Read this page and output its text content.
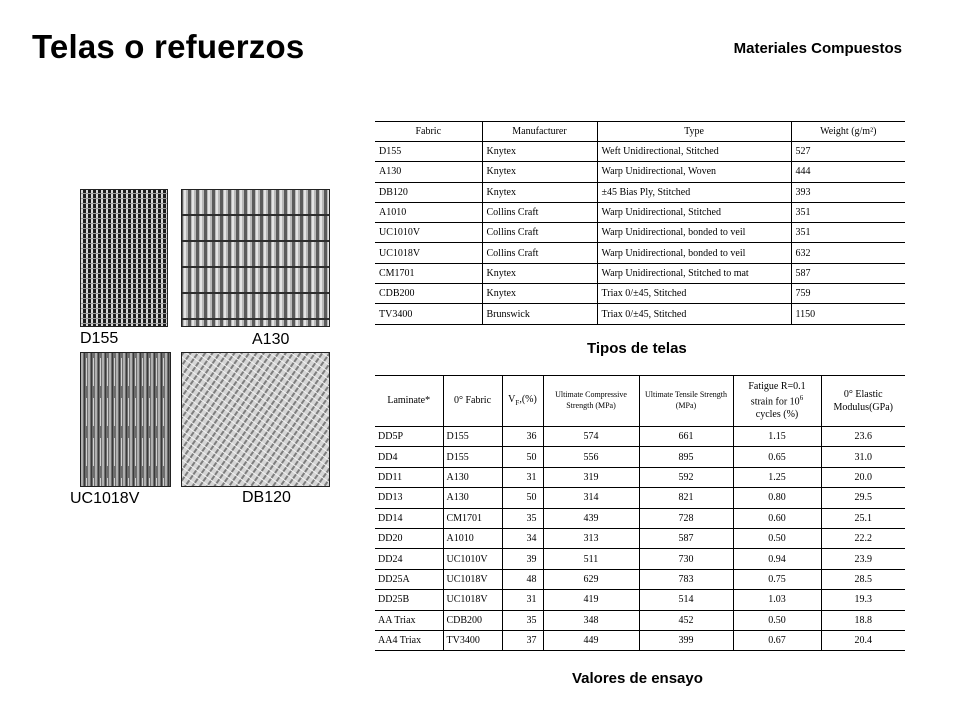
Telas o refuerzos	Materiales Compuestos
D155	A130
UC1018V	DB120
Fabric	Manufacturer	Type	Weight (g/m²)
D155	Knytex	Weft Unidirectional, Stitched	527
A130	Knytex	Warp Unidirectional, Woven	444
DB120	Knytex	±45 Bias Ply, Stitched	393
A1010	Collins Craft	Warp Unidirectional, Stitched	351
UC1010V	Collins Craft	Warp Unidirectional, bonded to veil	351
UC1018V	Collins Craft	Warp Unidirectional, bonded to veil	632
CM1701	Knytex	Warp Unidirectional, Stitched to mat	587
CDB200	Knytex	Triax 0/±45, Stitched	759
TV3400	Brunswick	Triax 0/±45, Stitched	1150
Tipos de telas
Laminate*	0° Fabric	$V_F,(\%)$	Ultimate Compressive Strength (MPa)	Ultimate Tensile Strength (MPa)	Fatigue R=0.1
strain for $10^6$
cycles (%)	0° Elastic Modulus(GPa)
DD5P	D155	36	574	661	1.15	23.6
DD4	D155	50	556	895	0.65	31.0
DD11	A130	31	319	592	1.25	20.0
DD13	A130	50	314	821	0.80	29.5
DD14	CM1701	35	439	728	0.60	25.1
DD20	A1010	34	313	587	0.50	22.2
DD24	UC1010V	39	511	730	0.94	23.9
DD25A	UC1018V	48	629	783	0.75	28.5
DD25B	UC1018V	31	419	514	1.03	19.3
AA Triax	CDB200	35	348	452	0.50	18.8
AA4 Triax	TV3400	37	449	399	0.67	20.4
Valores de ensayo
